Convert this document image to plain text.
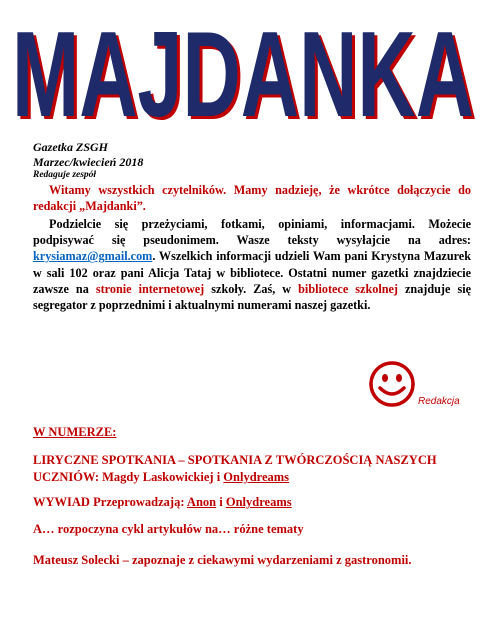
MAJDANKA
MAJDANKA
Gazetka ZSGH
Marzec/kwiecień 2018
Redaguje zespół
Witamy wszystkich czytelników. Mamy nadzieję, że wkrótce dołączycie do redakcji „Majdanki”.
Podzielcie się przeżyciami, fotkami, opiniami, informacjami. Możecie podpisywać się pseudonimem. Wasze teksty wysyłajcie na adres: krysiamaz@gmail.com. Wszelkich informacji udzieli Wam pani Krystyna Mazurek w sali 102 oraz pani Alicja Tataj w bibliotece. Ostatni numer gazetki znajdziecie zawsze na stronie internetowej szkoły. Zaś, w bibliotece szkolnej znajduje się segregator z poprzednimi i aktualnymi numerami naszej gazetki.
Redakcja
W NUMERZE:
LIRYCZNE SPOTKANIA – SPOTKANIA Z TWÓRCZOŚCIĄ NASZYCH UCZNIÓW: Magdy Laskowickiej i Onlydreams
WYWIAD Przeprowadzają: Anon i Onlydreams
A… rozpoczyna cykl artykułów na… różne tematy
Mateusz Solecki – zapoznaje z ciekawymi wydarzeniami z gastronomii.
